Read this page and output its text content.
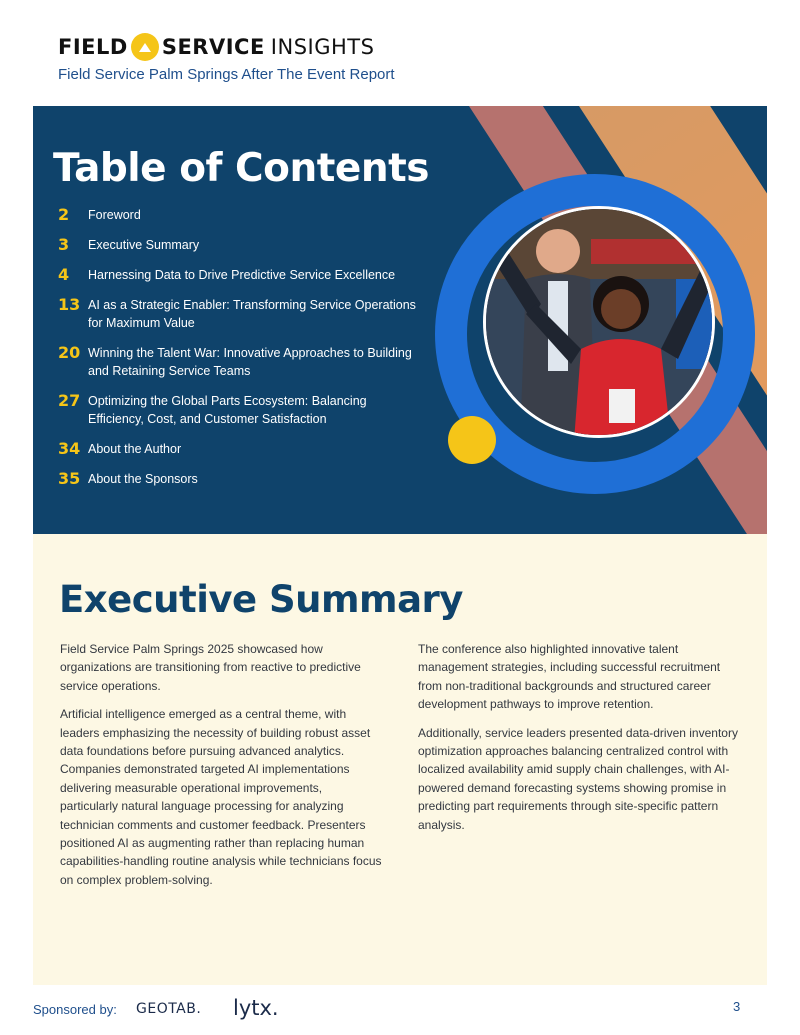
FIELD SERVICE INSIGHTS
Field Service Palm Springs After The Event Report
Table of Contents
2	Foreword
3	Executive Summary
4	Harnessing Data to Drive Predictive Service Excellence
13 AI as a Strategic Enabler: Transforming Service Operations for Maximum Value
20 Winning the Talent War: Innovative Approaches to Building and Retaining Service Teams
27 Optimizing the Global Parts Ecosystem: Balancing Efficiency, Cost, and Customer Satisfaction
34 About the Author
35 About the Sponsors
Executive Summary

Field Service Palm Springs 2025 showcased how organizations are transitioning from reactive to predictive service operations.

Artificial intelligence emerged as a central theme, with leaders emphasizing the necessity of building robust asset data foundations before pursuing advanced analytics. Companies demonstrated targeted AI implementations delivering measurable operational improvements, particularly natural language processing for analyzing technician comments and customer feedback. Presenters positioned AI as augmenting rather than replacing human capabilities-handling routine analysis while technicians focus on complex problem-solving.

The conference also highlighted innovative talent management strategies, including successful recruitment from non-traditional backgrounds and structured career development pathways to improve retention.

Additionally, service leaders presented data-driven inventory optimization approaches balancing centralized control with localized availability amid supply chain challenges, with AI-powered demand forecasting systems showing promise in predicting part requirements through site-specific pattern analysis.

Sponsored by: GEOTAB. lytx.	3
